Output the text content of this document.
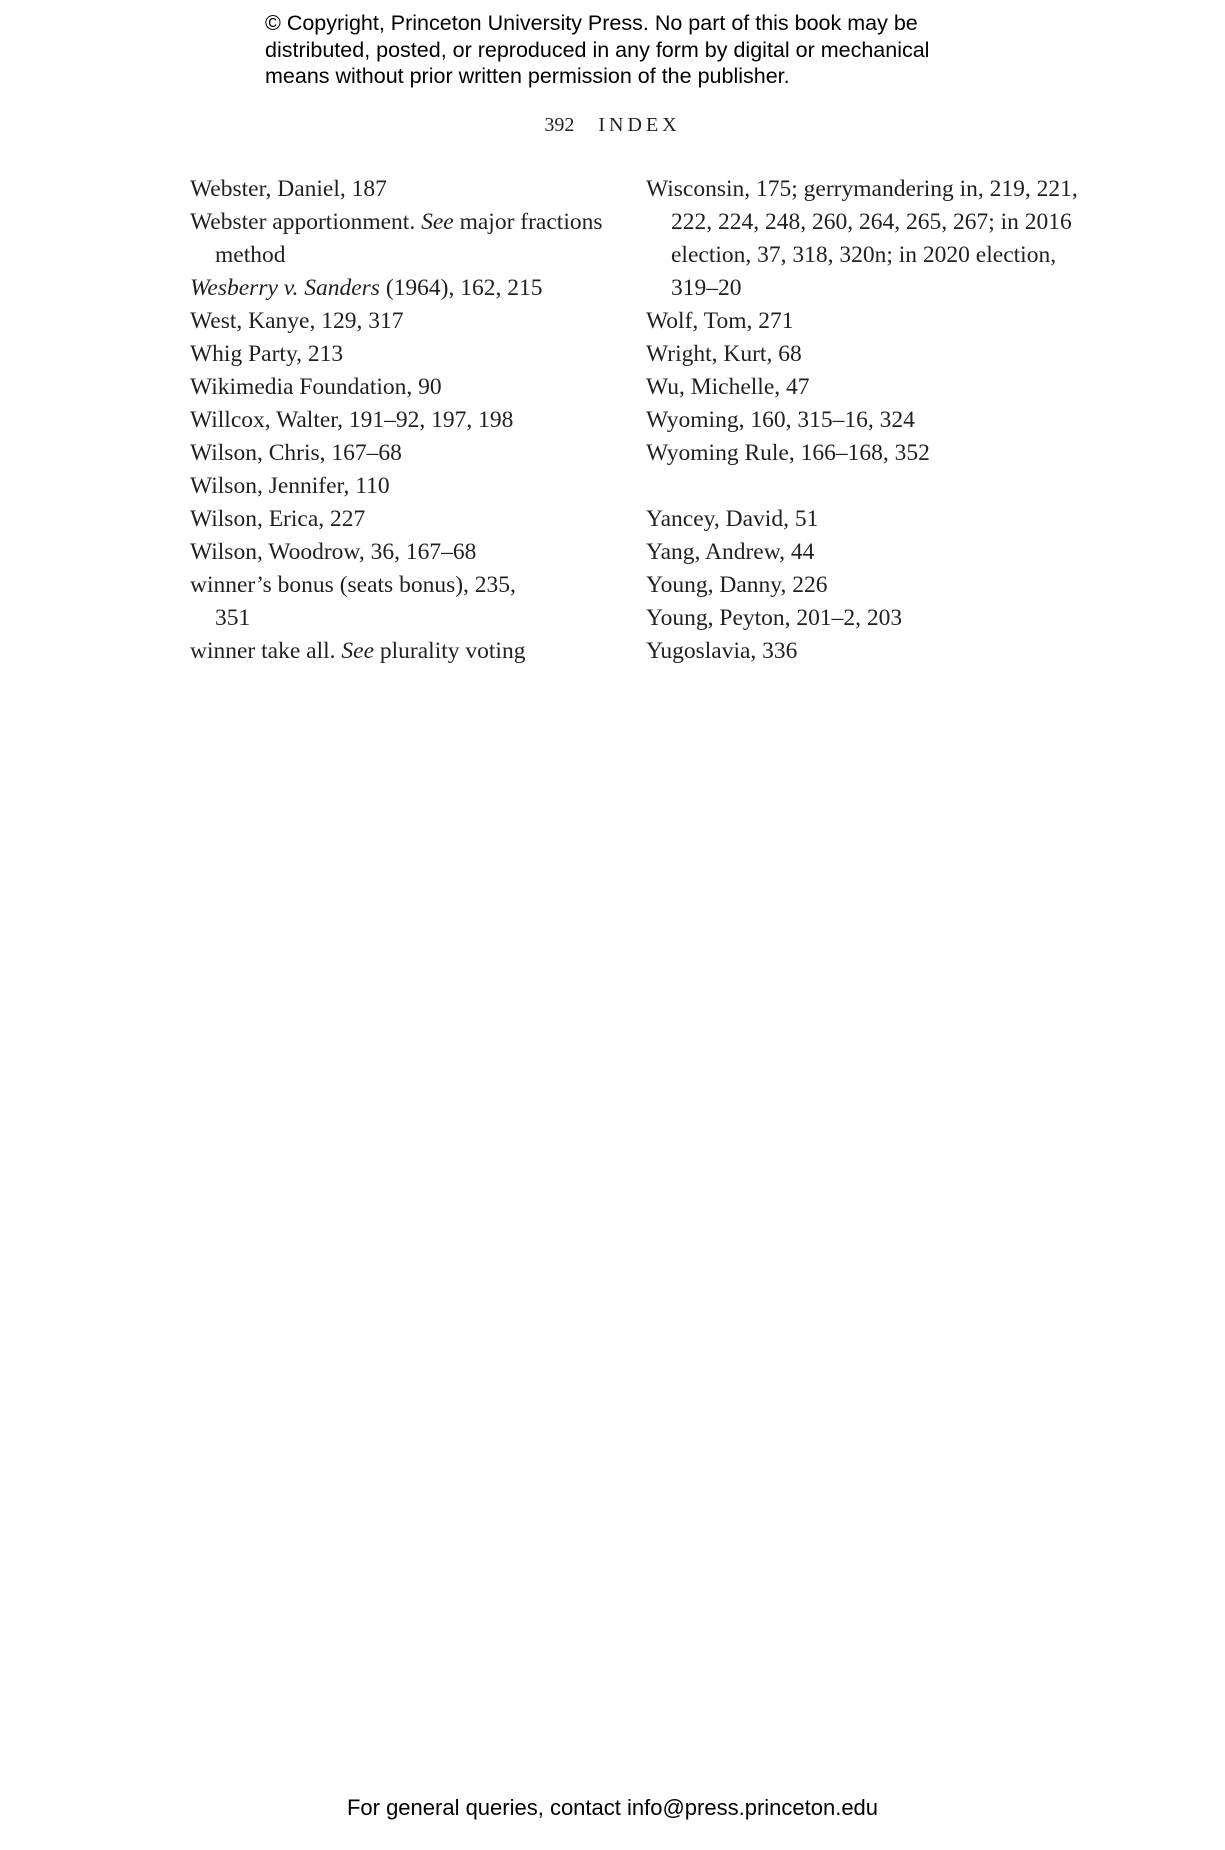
© Copyright, Princeton University Press. No part of this book may be
distributed, posted, or reproduced in any form by digital or mechanical
means without prior written permission of the publisher.
392 INDEX
Webster, Daniel, 187
Webster apportionment. See major fractions
method
Wesberry v. Sanders (1964), 162, 215
West, Kanye, 129, 317
Whig Party, 213
Wikimedia Foundation, 90
Willcox, Walter, 191–92, 197, 198
Wilson, Chris, 167–68
Wilson, Jennifer, 110
Wilson, Erica, 227
Wilson, Woodrow, 36, 167–68
winner’s bonus (seats bonus), 235,
351
winner take all. See plurality voting
Wisconsin, 175; gerrymandering in, 219, 221,
222, 224, 248, 260, 264, 265, 267; in 2016
election, 37, 318, 320n; in 2020 election,
319–20
Wolf, Tom, 271
Wright, Kurt, 68
Wu, Michelle, 47
Wyoming, 160, 315–16, 324
Wyoming Rule, 166–168, 352
Yancey, David, 51
Yang, Andrew, 44
Young, Danny, 226
Young, Peyton, 201–2, 203
Yugoslavia, 336
For general queries, contact info@press.princeton.edu
